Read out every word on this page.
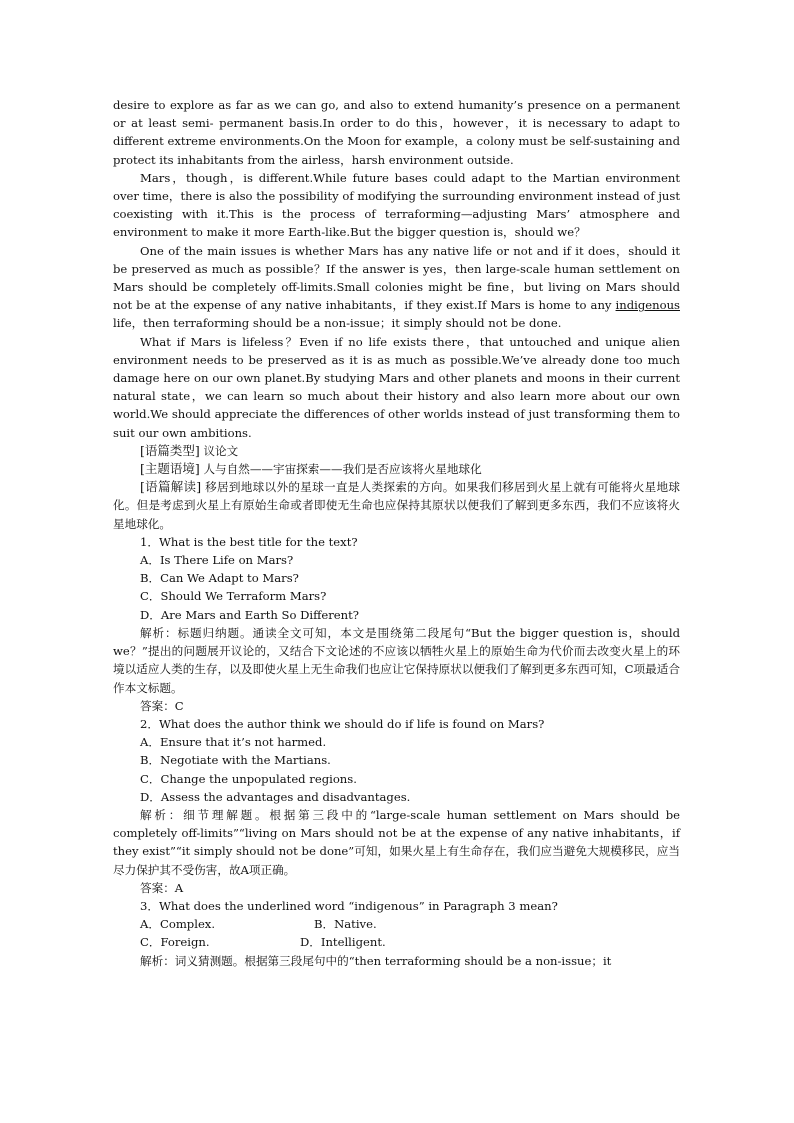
desire to explore as far as we can go, and also to extend humanity’s presence on a permanent or at least semi- permanent basis.In order to do this，however，it is necessary to adapt to different extreme environments.On the Moon for example，a colony must be self-sustaining and protect its inhabitants from the airless，harsh environment outside.

Mars，though，is different.While future bases could adapt to the Martian environment over time，there is also the possibility of modifying the surrounding environment instead of just coexisting with it.This is the process of terraforming—adjusting Mars’ atmosphere and environment to make it more Earth-like.But the bigger question is，should we？

One of the main issues is whether Mars has any native life or not and if it does，should it be preserved as much as possible？If the answer is yes，then large-scale human settlement on Mars should be completely off-limits.Small colonies might be fine，but living on Mars should not be at the expense of any native inhabitants，if they exist.If Mars is home to any indigenous life，then terraforming should be a non-issue；it simply should not be done.

What if Mars is lifeless？Even if no life exists there，that untouched and unique alien environment needs to be preserved as it is as much as possible.We’ve already done too much damage here on our own planet.By studying Mars and other planets and moons in their current natural state，we can learn so much about their history and also learn more about our own world.We should appreciate the differences of other worlds instead of just transforming them to suit our own ambitions.

[语篇类型] 议论文

[主题语境] 人与自然——宇宙探索——我们是否应该将火星地球化

[语篇解读] 移居到地球以外的星球一直是人类探索的方向。如果我们移居到火星上就有可能将火星地球化。但是考虑到火星上有原始生命或者即使无生命也应保持其原状以便我们了解到更多东西，我们不应该将火星地球化。

1．What is the best title for the text?

A．Is There Life on Mars?

B．Can We Adapt to Mars?

C．Should We Terraform Mars?

D．Are Mars and Earth So Different?

解析：标题归纳题。通读全文可知，本文是围绕第二段尾句“But the bigger question is，should we？”提出的问题展开议论的，又结合下文论述的不应该以牺牲火星上的原始生命为代价而去改变火星上的环境以适应人类的生存，以及即使火星上无生命我们也应让它保持原状以便我们了解到更多东西可知，C项最适合作本文标题。

答案：C

2．What does the author think we should do if life is found on Mars?

A．Ensure that it’s not harmed.

B．Negotiate with the Martians.

C．Change the unpopulated regions.

D．Assess the advantages and disadvantages.

解析：细节理解题。根据第三段中的“large-scale human settlement on Mars should be completely off-limits”“living on Mars should not be at the expense of any native inhabitants，if they exist”“it simply should not be done”可知，如果火星上有生命存在，我们应当避免大规模移民，应当尽力保护其不受伤害，故A项正确。

答案：A

3．What does the underlined word “indigenous” in Paragraph 3 mean?

A．Complex.	B．Native.

C．Foreign.	D．Intelligent.

解析：词义猜测题。根据第三段尾句中的“then terraforming should be a non-issue；it
